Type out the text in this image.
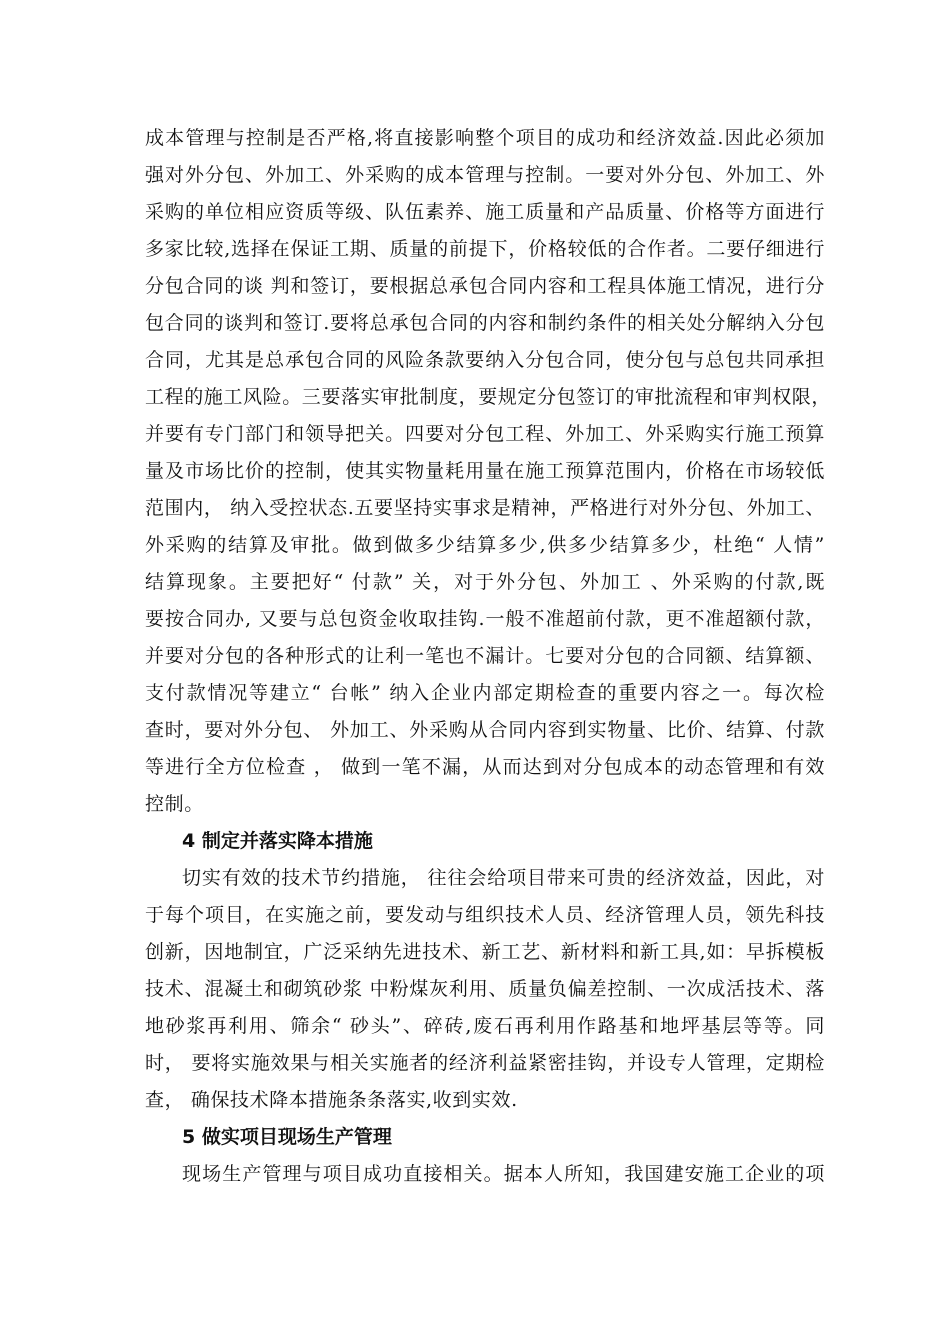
成本管理与控制是否严格,将直接影响整个项目的成功和经济效益.因此必须加
强对外分包、外加工、外采购的成本管理与控制。一要对外分包、外加工、外
采购的单位相应资质等级、队伍素养、施工质量和产品质量、价格等方面进行
多家比较,选择在保证工期、质量的前提下，价格较低的合作者。二要仔细进行
分包合同的谈 判和签订，要根据总承包合同内容和工程具体施工情况，进行分
包合同的谈判和签订.要将总承包合同的内容和制约条件的相关处分解纳入分包
合同，尤其是总承包合同的风险条款要纳入分包合同，使分包与总包共同承担
工程的施工风险。三要落实审批制度，要规定分包签订的审批流程和审判权限，
并要有专门部门和领导把关。四要对分包工程、外加工、外采购实行施工预算
量及市场比价的控制，使其实物量耗用量在施工预算范围内，价格在市场较低
范围内， 纳入受控状态.五要坚持实事求是精神，严格进行对外分包、外加工、
外采购的结算及审批。做到做多少结算多少,供多少结算多少，杜绝“ 人情”
结算现象。主要把好“ 付款” 关，对于外分包、外加工 、外采购的付款,既
要按合同办, 又要与总包资金收取挂钩.一般不准超前付款，更不准超额付款，
并要对分包的各种形式的让利一笔也不漏计。七要对分包的合同额、结算额、
支付款情况等建立“ 台帐” 纳入企业内部定期检查的重要内容之一。每次检
查时，要对外分包、 外加工、外采购从合同内容到实物量、比价、结算、付款
等进行全方位检查 ， 做到一笔不漏，从而达到对分包成本的动态管理和有效
控制。
4 制定并落实降本措施
切实有效的技术节约措施， 往往会给项目带来可贵的经济效益，因此，对
于每个项目，在实施之前，要发动与组织技术人员、经济管理人员，领先科技
创新，因地制宜，广泛采纳先进技术、新工艺、新材料和新工具,如：早拆模板
技术、混凝土和砌筑砂浆 中粉煤灰利用、质量负偏差控制、一次成活技术、落
地砂浆再利用、筛余“ 砂头”、碎砖,废石再利用作路基和地坪基层等等。同
时， 要将实施效果与相关实施者的经济利益紧密挂钩，并设专人管理，定期检
查， 确保技术降本措施条条落实,收到实效.
5 做实项目现场生产管理
现场生产管理与项目成功直接相关。据本人所知，我国建安施工企业的项
